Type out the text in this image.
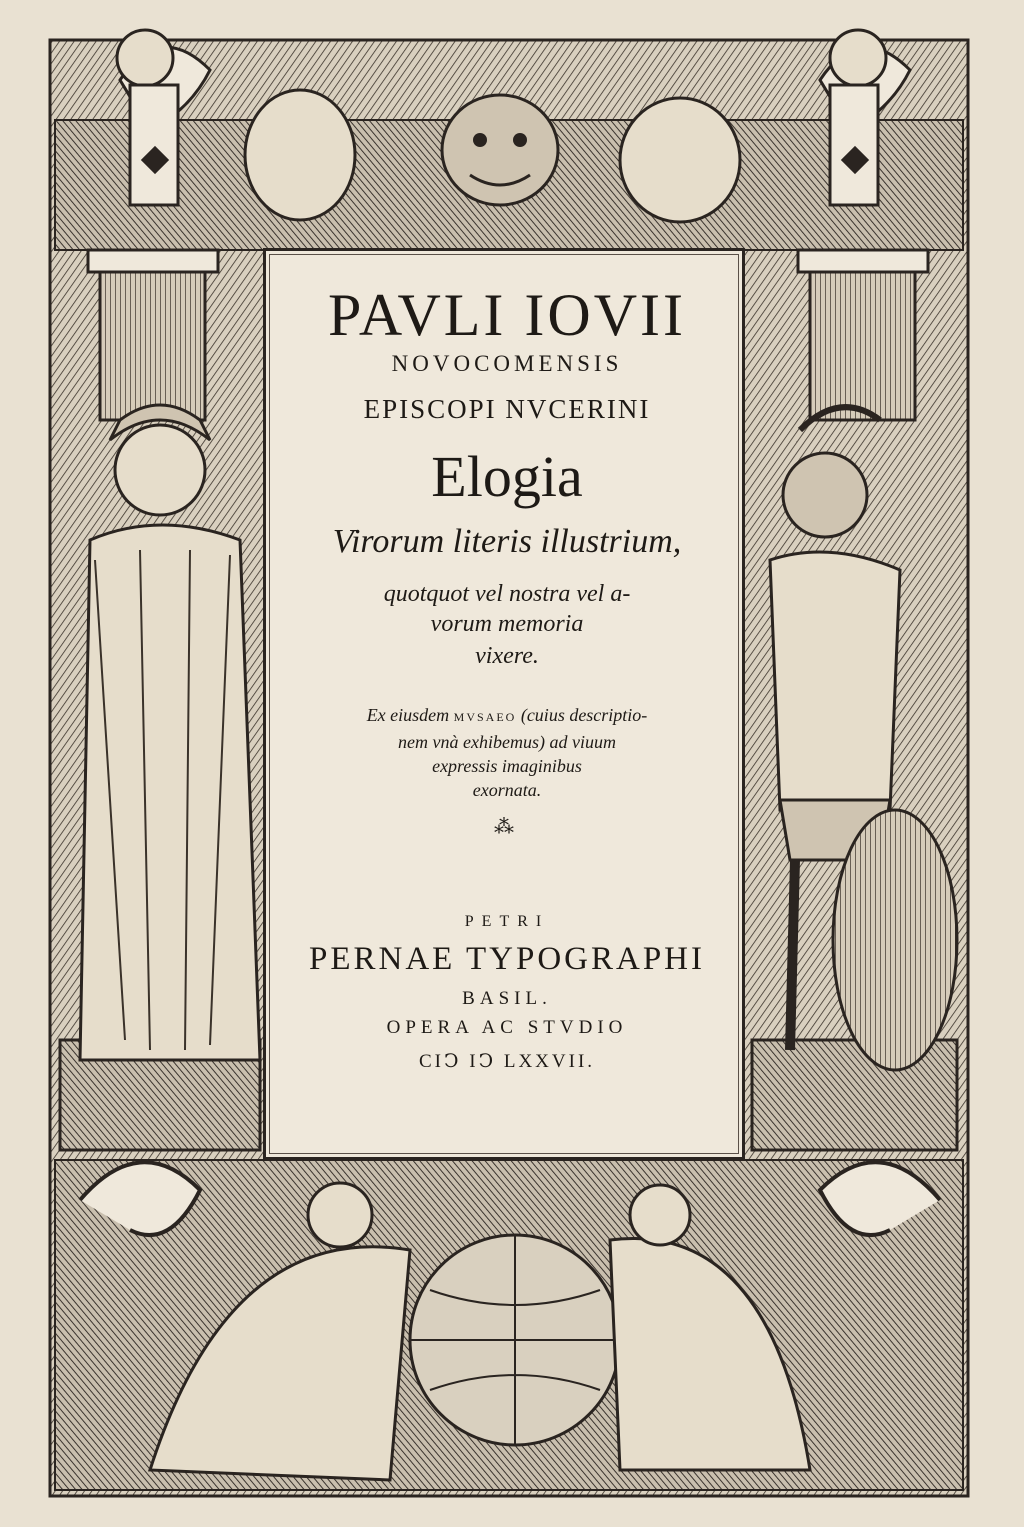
PAVLI IOVII
NOVOCOMENSIS
EPISCOPI NVCERINI
Elogia
Virorum literis illustrium,
quotquot vel nostra vel a-
vorum memoria
vixere.
Ex eiusdem MVSAEO (cuius descriptio-
nem vnà exhibemus) ad viuum
expressis imaginibus
exornata.
⁂
PETRI
PERNAE TYPOGRAPHI
BASIL.
OPERA AC STVDIO
CIↃ IↃ LXXVII.
